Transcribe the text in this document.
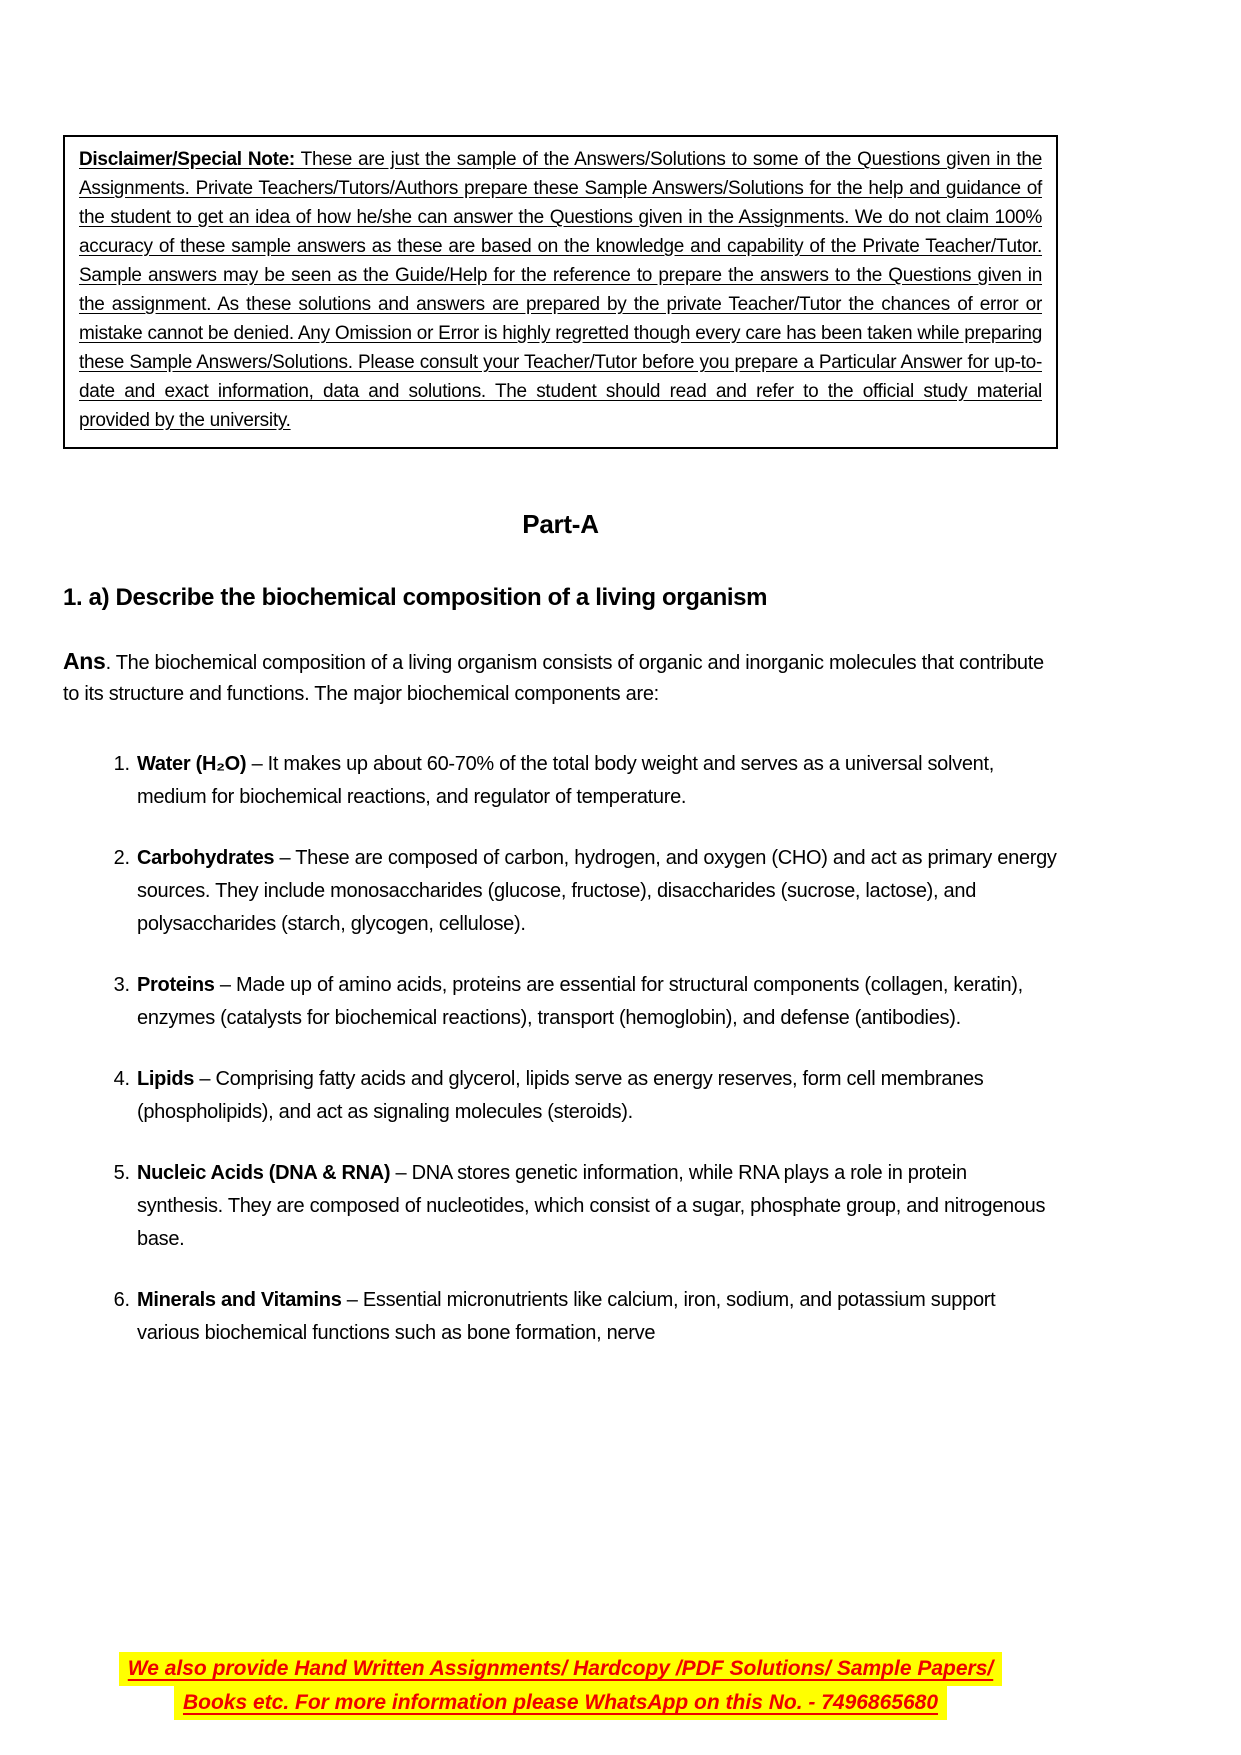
Disclaimer/Special Note: These are just the sample of the Answers/Solutions to some of the Questions given in the Assignments. Private Teachers/Tutors/Authors prepare these Sample Answers/Solutions for the help and guidance of the student to get an idea of how he/she can answer the Questions given in the Assignments. We do not claim 100% accuracy of these sample answers as these are based on the knowledge and capability of the Private Teacher/Tutor. Sample answers may be seen as the Guide/Help for the reference to prepare the answers to the Questions given in the assignment. As these solutions and answers are prepared by the private Teacher/Tutor the chances of error or mistake cannot be denied. Any Omission or Error is highly regretted though every care has been taken while preparing these Sample Answers/Solutions. Please consult your Teacher/Tutor before you prepare a Particular Answer for up-to-date and exact information, data and solutions. The student should read and refer to the official study material provided by the university.

Part-A
1. a) Describe the biochemical composition of a living organism

Ans. The biochemical composition of a living organism consists of organic and inorganic molecules that contribute to its structure and functions. The major biochemical components are:

1. Water (H₂O) – It makes up about 60-70% of the total body weight and serves as a universal solvent, medium for biochemical reactions, and regulator of temperature.
2. Carbohydrates – These are composed of carbon, hydrogen, and oxygen (CHO) and act as primary energy sources. They include monosaccharides (glucose, fructose), disaccharides (sucrose, lactose), and polysaccharides (starch, glycogen, cellulose).
3. Proteins – Made up of amino acids, proteins are essential for structural components (collagen, keratin), enzymes (catalysts for biochemical reactions), transport (hemoglobin), and defense (antibodies).
4. Lipids – Comprising fatty acids and glycerol, lipids serve as energy reserves, form cell membranes (phospholipids), and act as signaling molecules (steroids).
5. Nucleic Acids (DNA & RNA) – DNA stores genetic information, while RNA plays a role in protein synthesis. They are composed of nucleotides, which consist of a sugar, phosphate group, and nitrogenous base.
6. Minerals and Vitamins – Essential micronutrients like calcium, iron, sodium, and potassium support various biochemical functions such as bone formation, nerve
We also provide Hand Written Assignments/ Hardcopy /PDF Solutions/ Sample Papers/
Books etc. For more information please WhatsApp on this No. - 7496865680
